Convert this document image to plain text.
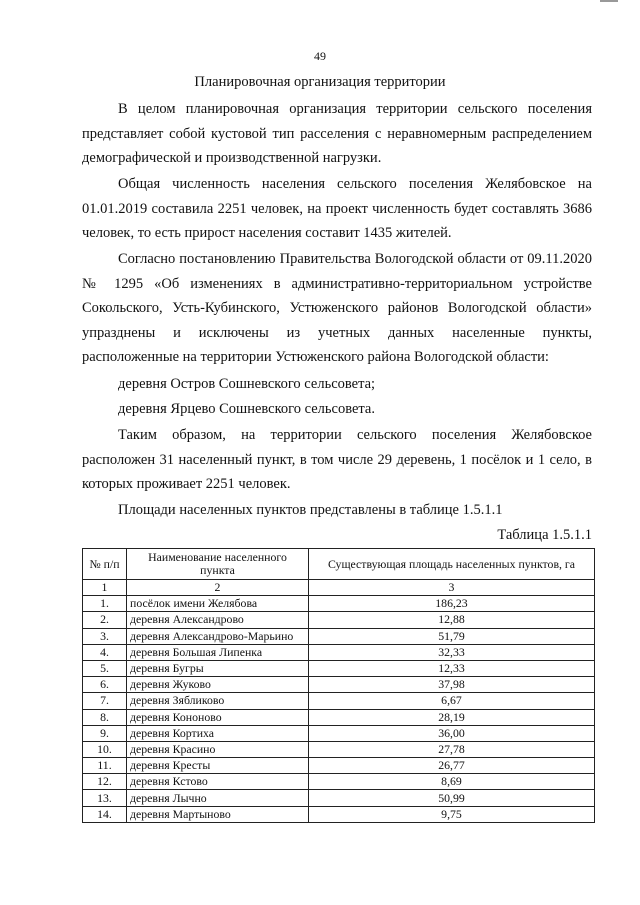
49
Планировочная организация территории

В целом планировочная организация территории сельского поселения представляет собой кустовой тип расселения с неравномерным распределением демографической и производственной нагрузки.

Общая численность населения сельского поселения Желябовское на 01.01.2019 составила 2251 человек, на проект численность будет составлять 3686 человек, то есть прирост населения составит 1435 жителей.

Согласно постановлению Правительства Вологодской области от 09.11.2020 № 1295 «Об изменениях в административно-территориальном устройстве Сокольского, Усть-Кубинского, Устюженского районов Вологодской области» упразднены и исключены из учетных данных населенные пункты, расположенные на территории Устюженского района Вологодской области:

деревня Остров Сошневского сельсовета;
деревня Ярцево Сошневского сельсовета.

Таким образом, на территории сельского поселения Желябовское расположен 31 населенный пункт, в том числе 29 деревень, 1 посёлок и 1 село, в которых проживает 2251 человек.

Площади населенных пунктов представлены в таблице 1.5.1.1

Таблица 1.5.1.1
№ п/п	Наименование населенного пункта	Существующая площадь населенных пунктов, га
1	2	3
1.	посёлок имени Желябова	186,23
2.	деревня Александрово	12,88
3.	деревня Александрово-Марьино	51,79
4.	деревня Большая Липенка	32,33
5.	деревня Бугры	12,33
6.	деревня Жуково	37,98
7.	деревня Зябликово	6,67
8.	деревня Кононово	28,19
9.	деревня Кортиха	36,00
10.	деревня Красино	27,78
11.	деревня Кресты	26,77
12.	деревня Кстово	8,69
13.	деревня Лычно	50,99
14.	деревня Мартыново	9,75
